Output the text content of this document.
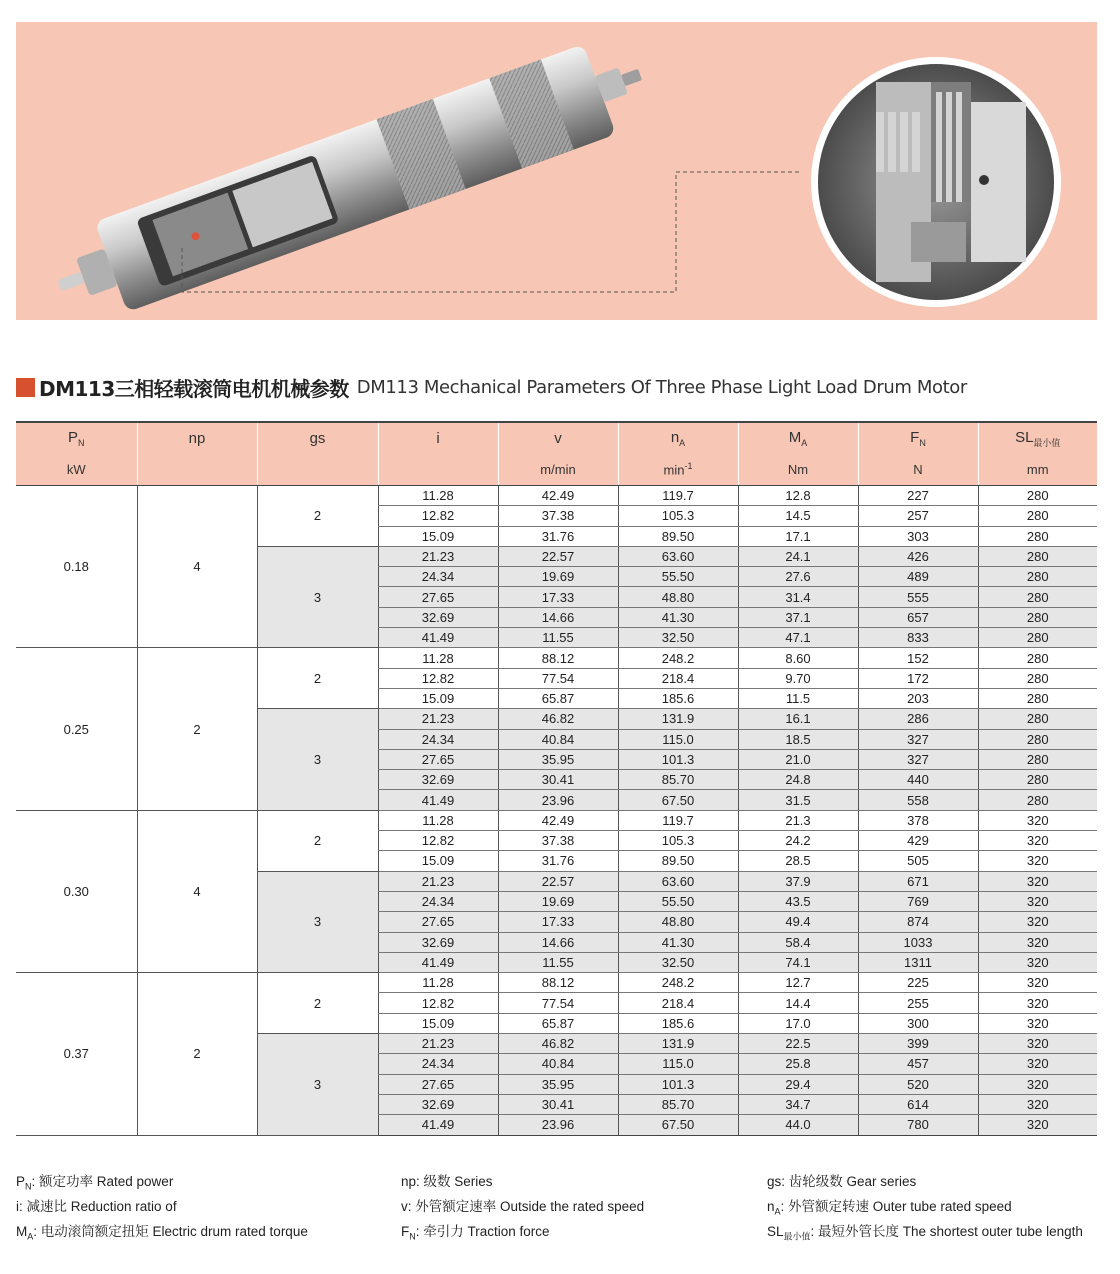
DM113三相轻载滚筒电机机械参数 DM113 Mechanical Parameters Of Three Phase Light Load Drum Motor
$P_N$	np	gs	i	v	$n_A$	$M_A$	$F_N$	$SL_{最小值}$
kW				m/min	$\min^{-1}$	Nm	N	mm
0.18	4	2	11.28	42.49	119.7	12.8	227	280
			12.82	37.38	105.3	14.5	257	280
			15.09	31.76	89.50	17.1	303	280
		3	21.23	22.57	63.60	24.1	426	280
			24.34	19.69	55.50	27.6	489	280
			27.65	17.33	48.80	31.4	555	280
			32.69	14.66	41.30	37.1	657	280
			41.49	11.55	32.50	47.1	833	280
0.25	2	2	11.28	88.12	248.2	8.60	152	280
			12.82	77.54	218.4	9.70	172	280
			15.09	65.87	185.6	11.5	203	280
		3	21.23	46.82	131.9	16.1	286	280
			24.34	40.84	115.0	18.5	327	280
			27.65	35.95	101.3	21.0	327	280
			32.69	30.41	85.70	24.8	440	280
			41.49	23.96	67.50	31.5	558	280
0.30	4	2	11.28	42.49	119.7	21.3	378	320
			12.82	37.38	105.3	24.2	429	320
			15.09	31.76	89.50	28.5	505	320
		3	21.23	22.57	63.60	37.9	671	320
			24.34	19.69	55.50	43.5	769	320
			27.65	17.33	48.80	49.4	874	320
			32.69	14.66	41.30	58.4	1033	320
			41.49	11.55	32.50	74.1	1311	320
0.37	2	2	11.28	88.12	248.2	12.7	225	320
			12.82	77.54	218.4	14.4	255	320
			15.09	65.87	185.6	17.0	300	320
		3	21.23	46.82	131.9	22.5	399	320
			24.34	40.84	115.0	25.8	457	320
			27.65	35.95	101.3	29.4	520	320
			32.69	30.41	85.70	34.7	614	320
			41.49	23.96	67.50	44.0	780	320
$P_N$: 额定功率 Rated power
i: 减速比 Reduction ratio of
$M_A$: 电动滚筒额定扭矩 Electric drum rated torque
np: 级数 Series
v: 外管额定速率 Outside the rated speed
$F_N$: 牵引力 Traction force
gs: 齿轮级数 Gear series
$n_A$: 外管额定转速 Outer tube rated speed
$SL_{最小值}$: 最短外管长度 The shortest outer tube length
